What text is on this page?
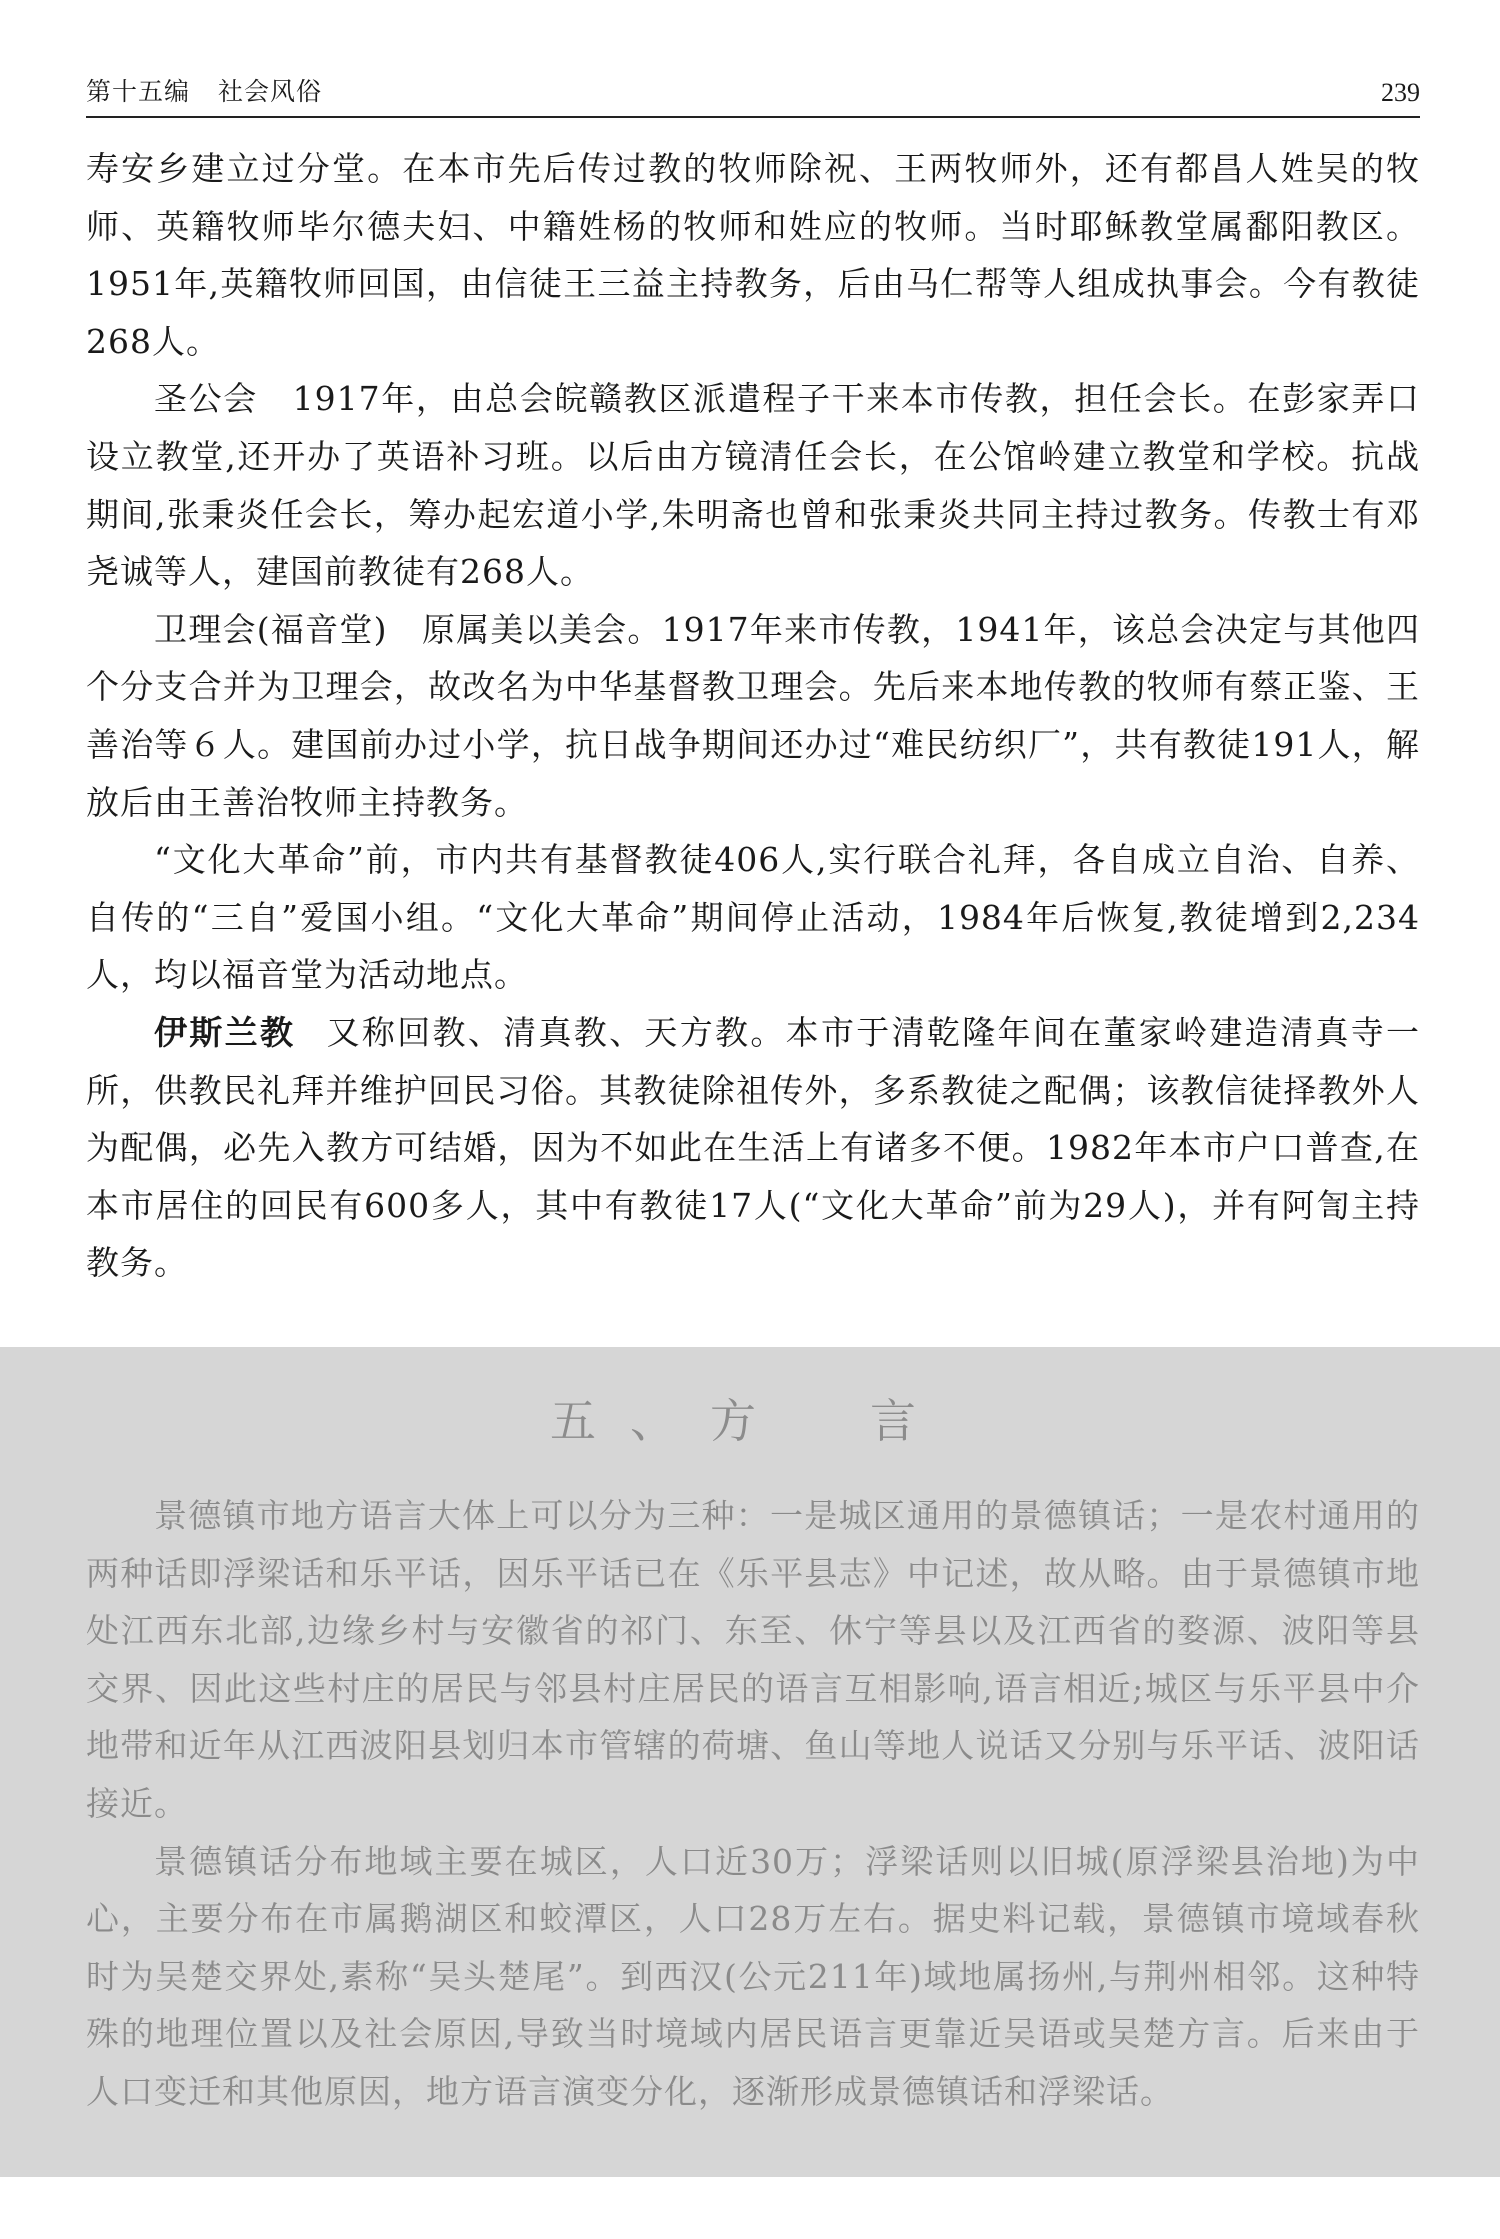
第十五编 社会风俗	239

寿安乡建立过分堂。在本市先后传过教的牧师除祝、王两牧师外，还有都昌人姓吴的牧师、英籍牧师毕尔德夫妇、中籍姓杨的牧师和姓应的牧师。当时耶稣教堂属鄱阳教区。1951年,英籍牧师回国，由信徒王三益主持教务，后由马仁帮等人组成执事会。今有教徒268人。

圣公会　1917年，由总会皖赣教区派遣程子干来本市传教，担任会长。在彭家弄口设立教堂,还开办了英语补习班。以后由方镜清任会长，在公馆岭建立教堂和学校。抗战期间,张秉炎任会长，筹办起宏道小学,朱明斋也曾和张秉炎共同主持过教务。传教士有邓尧诚等人，建国前教徒有268人。

卫理会(福音堂)　原属美以美会。1917年来市传教，1941年，该总会决定与其他四个分支合并为卫理会，故改名为中华基督教卫理会。先后来本地传教的牧师有蔡正鉴、王善治等６人。建国前办过小学，抗日战争期间还办过“难民纺织厂”，共有教徒191人，解放后由王善治牧师主持教务。

“文化大革命”前，市内共有基督教徒406人,实行联合礼拜，各自成立自治、自养、自传的“三自”爱国小组。“文化大革命”期间停止活动，1984年后恢复,教徒增到2,234人，均以福音堂为活动地点。

伊斯兰教 又称回教、清真教、天方教。本市于清乾隆年间在董家岭建造清真寺一所，供教民礼拜并维护回民习俗。其教徒除祖传外，多系教徒之配偶；该教信徒择教外人为配偶，必先入教方可结婚，因为不如此在生活上有诸多不便。1982年本市户口普查,在本市居住的回民有600多人，其中有教徒17人(“文化大革命”前为29人)，并有阿訇主持教务。

五、方　言

景德镇市地方语言大体上可以分为三种：一是城区通用的景德镇话；一是农村通用的两种话即浮梁话和乐平话，因乐平话已在《乐平县志》中记述，故从略。由于景德镇市地处江西东北部,边缘乡村与安徽省的祁门、东至、休宁等县以及江西省的婺源、波阳等县交界、因此这些村庄的居民与邻县村庄居民的语言互相影响,语言相近;城区与乐平县中介地带和近年从江西波阳县划归本市管辖的荷塘、鱼山等地人说话又分别与乐平话、波阳话接近。

景德镇话分布地域主要在城区，人口近30万；浮梁话则以旧城(原浮梁县治地)为中心，主要分布在市属鹅湖区和蛟潭区，人口28万左右。据史料记载，景德镇市境域春秋时为吴楚交界处,素称“吴头楚尾”。到西汉(公元211年)域地属扬州,与荆州相邻。这种特殊的地理位置以及社会原因,导致当时境域内居民语言更靠近吴语或吴楚方言。后来由于人口变迁和其他原因，地方语言演变分化，逐渐形成景德镇话和浮梁话。
